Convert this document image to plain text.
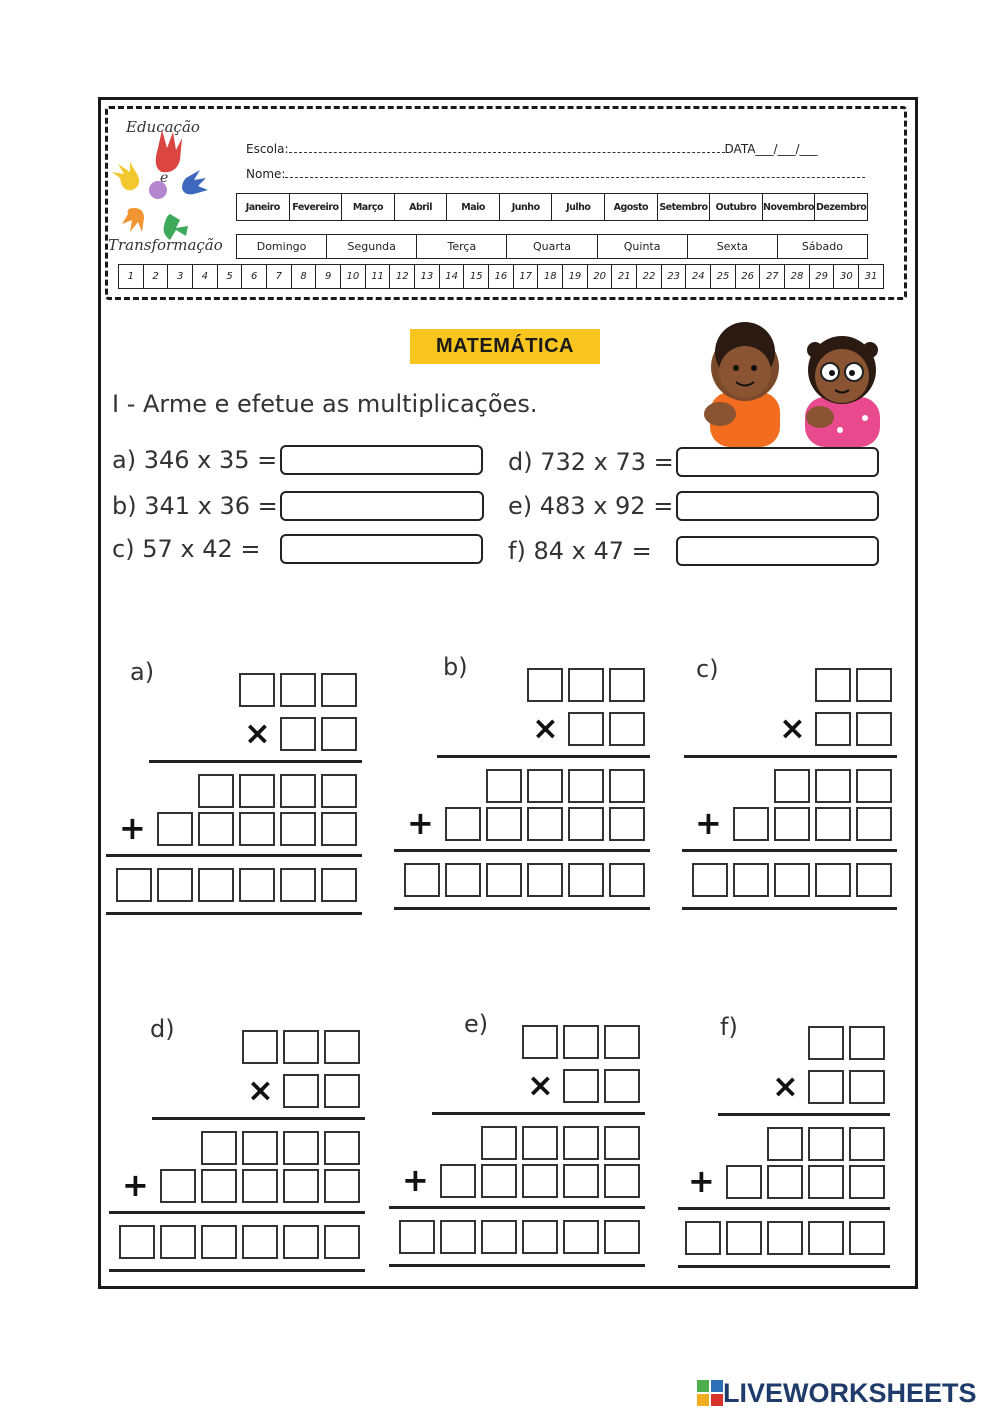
Educação
e
Transformação
Escola:	DATA___/___/___
Nome:
Janeiro	Fevereiro	Março	Abril	Maio	Junho	Julho	Agosto	Setembro Outubro Novembro Dezembro
Domingo	Segunda	Terça	Quarta	Quinta	Sexta	Sábado
1	2	3	4	5	6	7	8	9	10	11	12	13	14	15	16	17	18	19	20	21	22	23	24	25	26	27	28	29	30	31
MATEMÁTICA
I - Arme e efetue as multiplicações.
a) 346 x 35 =
b) 341 x 36 =
c) 57 x 42 =
d) 732 x 73 =
e) 483 x 92 =
f) 84 x 47 =
a)
×
+
b)
×
+
c)
×
+
d)
×
+
e)
×
+
f)
×
+
LIVEWORKSHEETS
